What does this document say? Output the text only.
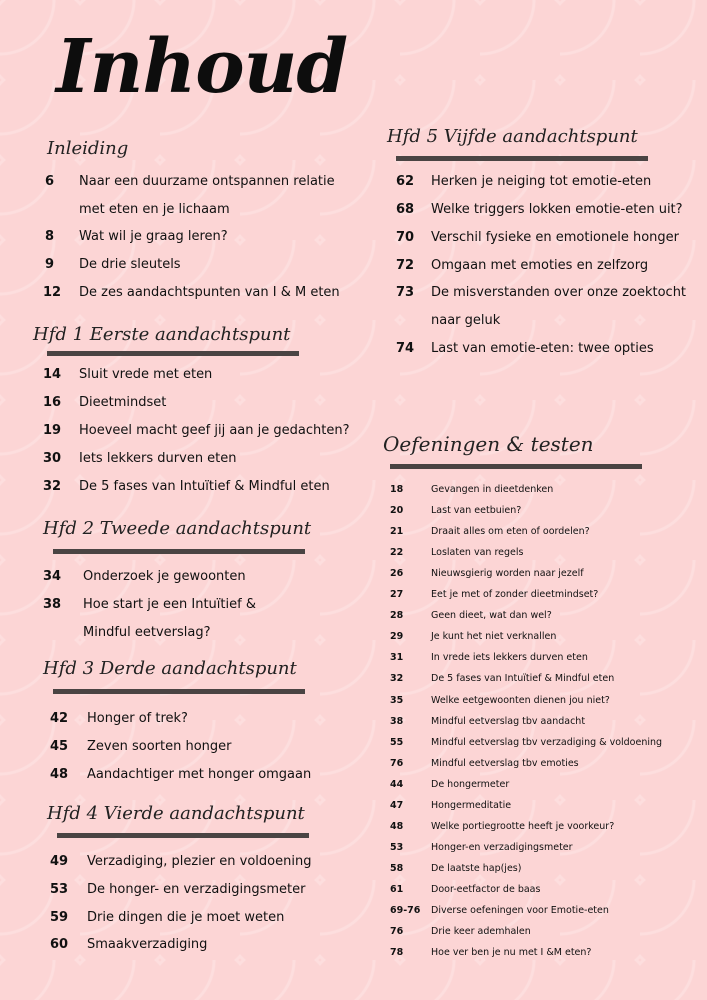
Inhoud
Inleiding
6 Naar een duurzame ontspannen relatie
met eten en je lichaam
8 Wat wil je graag leren?
9 De drie sleutels
12 De zes aandachtspunten van I & M eten
Hfd 1 Eerste aandachtspunt
14 Sluit vrede met eten
16 Dieetmindset
19 Hoeveel macht geef jij aan je gedachten?
30 Iets lekkers durven eten
32 De 5 fases van Intuïtief & Mindful eten
Hfd 2 Tweede aandachtspunt
34 Onderzoek je gewoonten
38 Hoe start je een Intuïtief &
Mindful eetverslag?
Hfd 3 Derde aandachtspunt
42 Honger of trek?
45 Zeven soorten honger
48 Aandachtiger met honger omgaan
Hfd 4 Vierde aandachtspunt
49 Verzadiging, plezier en voldoening
53 De honger- en verzadigingsmeter
59 Drie dingen die je moet weten
60 Smaakverzadiging
Hfd 5 Vijfde aandachtspunt
62 Herken je neiging tot emotie-eten
68 Welke triggers lokken emotie-eten uit?
70 Verschil fysieke en emotionele honger
72 Omgaan met emoties en zelfzorg
73 De misverstanden over onze zoektocht
naar geluk
74 Last van emotie-eten: twee opties
Oefeningen & testen
18	Gevangen in dieetdenken
20	Last van eetbuien?
21	Draait alles om eten of oordelen?
22	Loslaten van regels
26	Nieuwsgierig worden naar jezelf
27	Eet je met of zonder dieetmindset?
28	Geen dieet, wat dan wel?
29	Je kunt het niet verknallen
31	In vrede iets lekkers durven eten
32	De 5 fases van Intuïtief & Mindful eten
35	Welke eetgewoonten dienen jou niet?
38	Mindful eetverslag tbv aandacht
55	Mindful eetverslag tbv verzadiging & voldoening
76	Mindful eetverslag tbv emoties
44	De hongermeter
47	Hongermeditatie
48	Welke portiegrootte heeft je voorkeur?
53	Honger-en verzadigingsmeter
58	De laatste hap(jes)
61	Door-eetfactor de baas
69-76 Diverse oefeningen voor Emotie-eten
76	Drie keer ademhalen
78	Hoe ver ben je nu met I &M eten?
